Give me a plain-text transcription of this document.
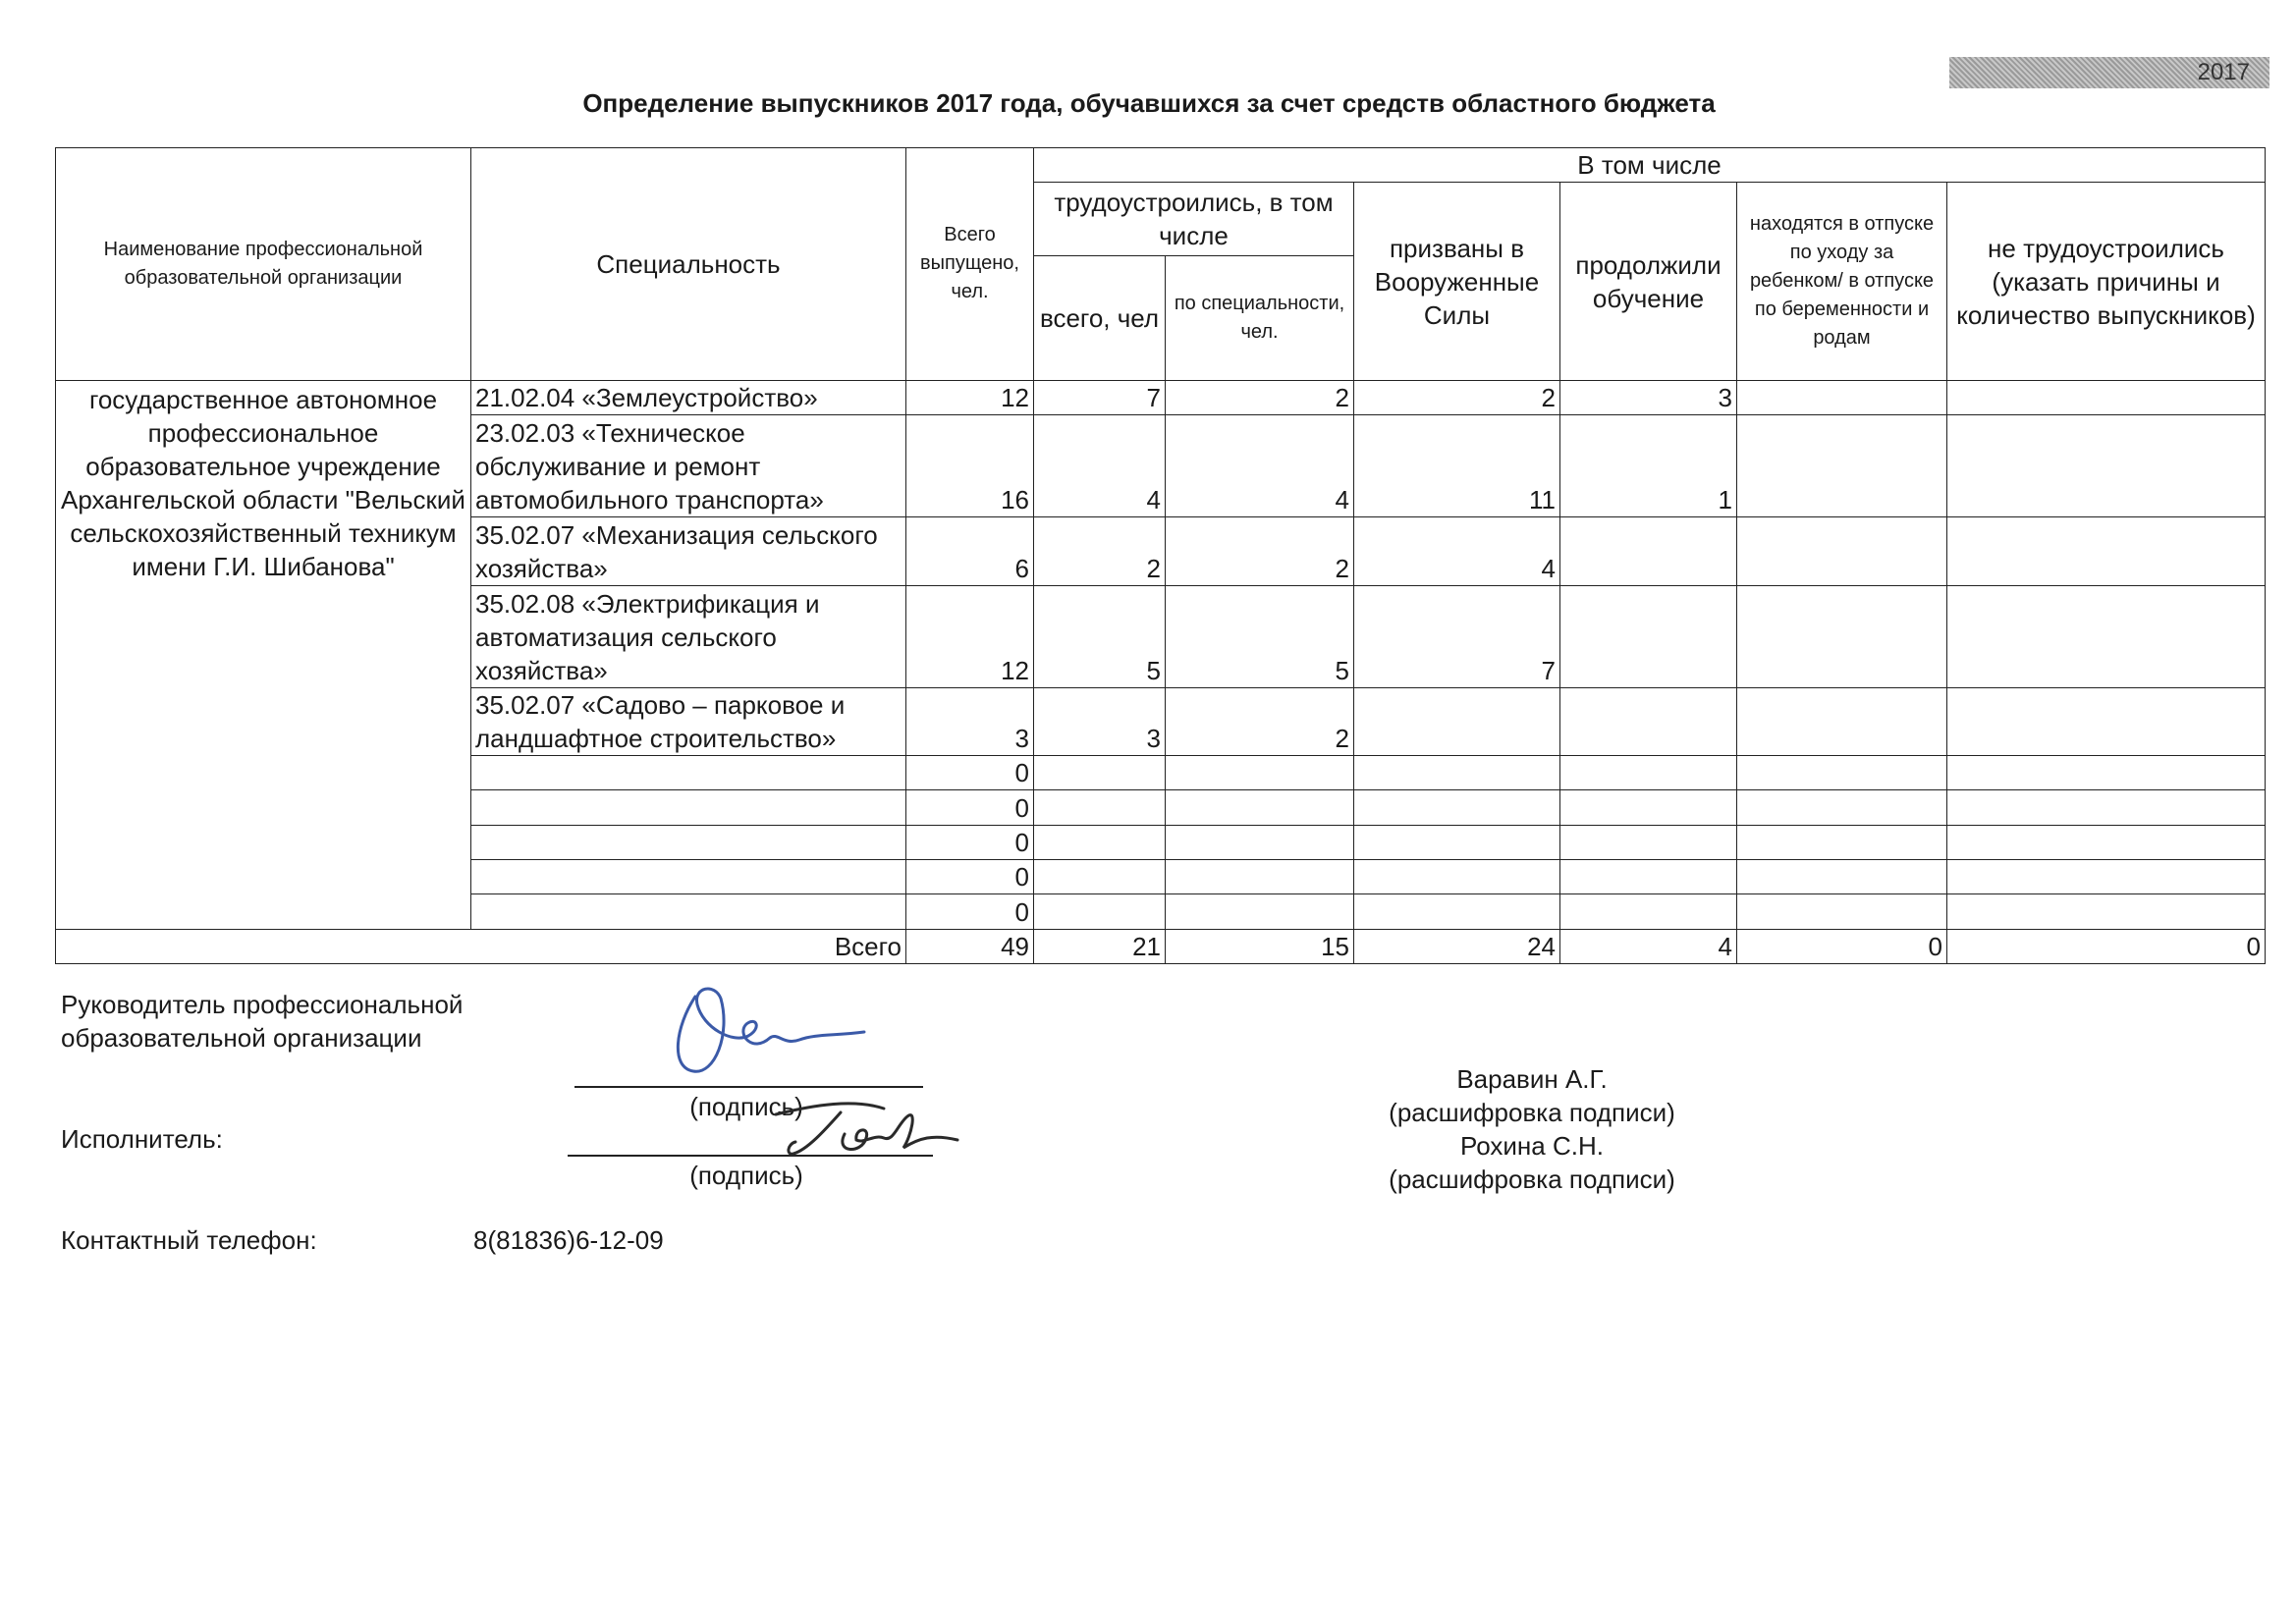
2017
Определение выпускников 2017 года, обучавшихся за счет средств областного бюджета
Наименование профессиональной образовательной организации	Специальность	Всего выпущено, чел.	В том числе					
			трудоустроились, в том числе		призваны в Вооруженные Силы	продолжили обучение	находятся в отпуске по уходу за ребенком/ в отпуске по беременности и родам	не трудоустроились (указать причины и количество выпускников)
			всего, чел	по специальности, чел.				
государственное автономное профессиональное образовательное учреждение Архангельской области "Вельский сельскохозяйственный техникум имени Г.И. Шибанова"	21.02.04 «Землеустройство»	12	7	2	2	3		
	23.02.03 «Техническое обслуживание и ремонт автомобильного транспорта»	16	4	4	11	1		
	35.02.07 «Механизация сельского хозяйства»	6	2	2	4			
	35.02.08 «Электрификация и автоматизация сельского хозяйства»	12	5	5	7			
	35.02.07 «Садово – парковое и ландшафтное строительство»	3	3	2				
		0						
		0						
		0						
		0						
		0						
Всего		49	21	15	24	4	0	0
Руководитель профессиональной образовательной организации
(подпись)
Варавин А.Г.
(расшифровка подписи)
Исполнитель:
(подпись)
Рохина С.Н.
(расшифровка подписи)
Контактный телефон:	8(81836)6-12-09
